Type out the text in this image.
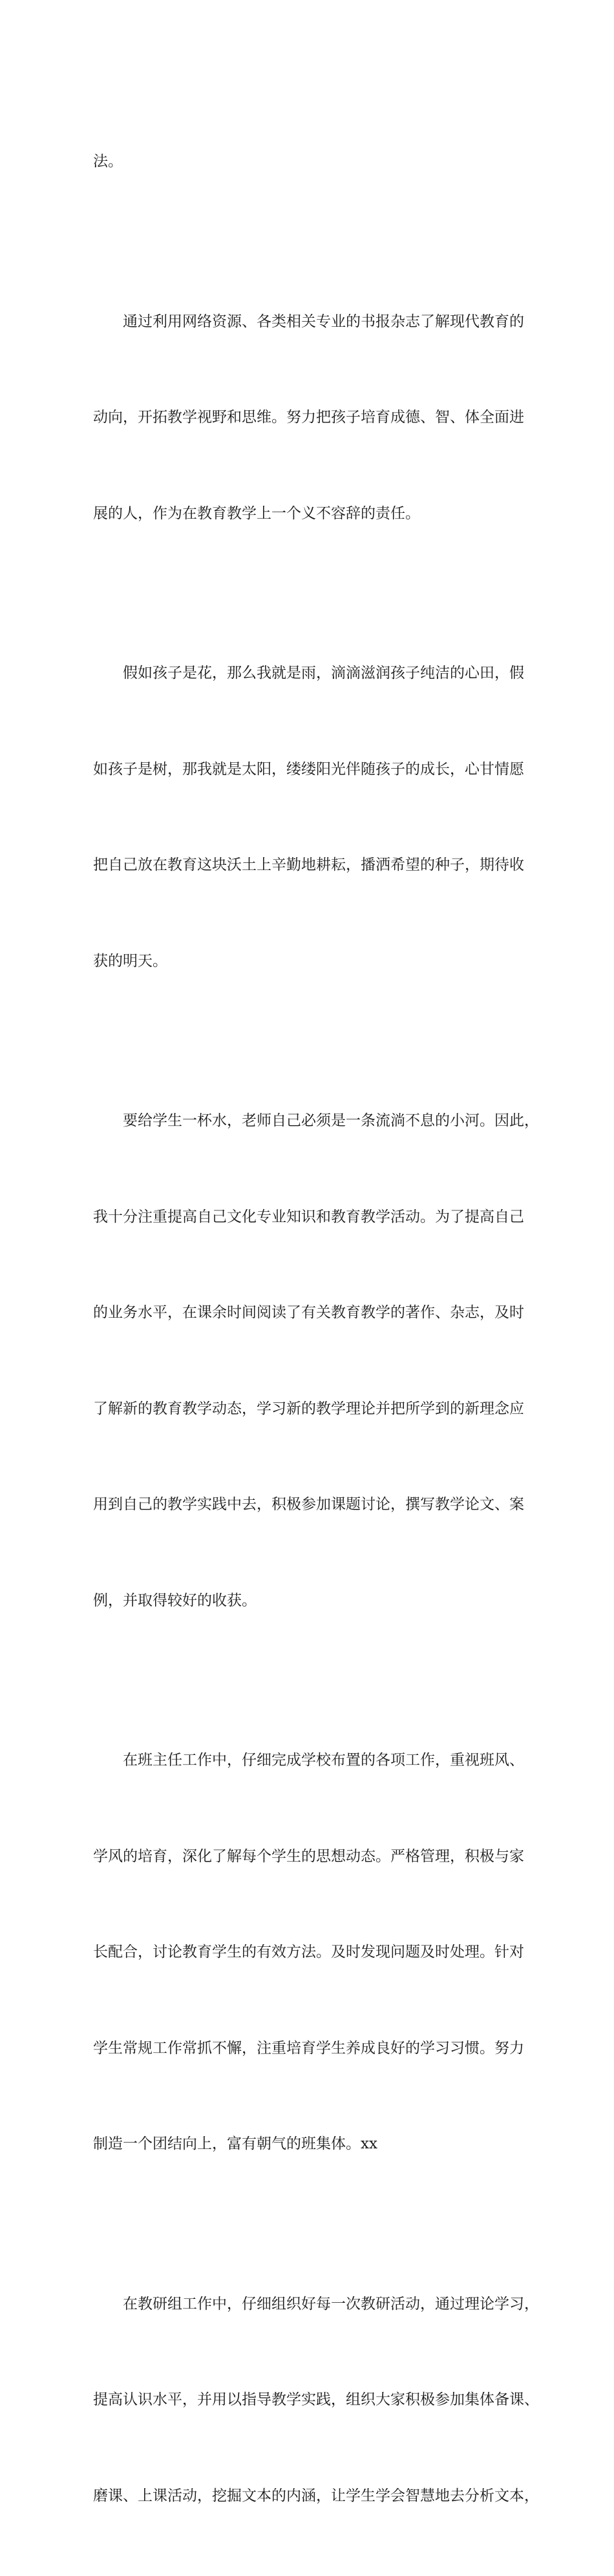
法。

通过利用网络资源、各类相关专业的书报杂志了解现代教育的

动向，开拓教学视野和思维。努力把孩子培育成德、智、体全面进

展的人，作为在教育教学上一个义不容辞的责任。

假如孩子是花，那么我就是雨，滴滴滋润孩子纯洁的心田，假

如孩子是树，那我就是太阳，缕缕阳光伴随孩子的成长，心甘情愿

把自己放在教育这块沃土上辛勤地耕耘，播洒希望的种子，期待收

获的明天。

要给学生一杯水，老师自己必须是一条流淌不息的小河。因此，

我十分注重提高自己文化专业知识和教育教学活动。为了提高自己

的业务水平，在课余时间阅读了有关教育教学的著作、杂志，及时

了解新的教育教学动态，学习新的教学理论并把所学到的新理念应

用到自己的教学实践中去，积极参加课题讨论，撰写教学论文、案

例，并取得较好的收获。

在班主任工作中，仔细完成学校布置的各项工作，重视班风、

学风的培育，深化了解每个学生的思想动态。严格管理，积极与家

长配合，讨论教育学生的有效方法。及时发现问题及时处理。针对

学生常规工作常抓不懈，注重培育学生养成良好的学习习惯。努力

制造一个团结向上，富有朝气的班集体。xx

在教研组工作中，仔细组织好每一次教研活动，通过理论学习，

提高认识水平，并用以指导教学实践，组织大家积极参加集体备课、

磨课、上课活动，挖掘文本的内涵，让学生学会智慧地去分析文本，
